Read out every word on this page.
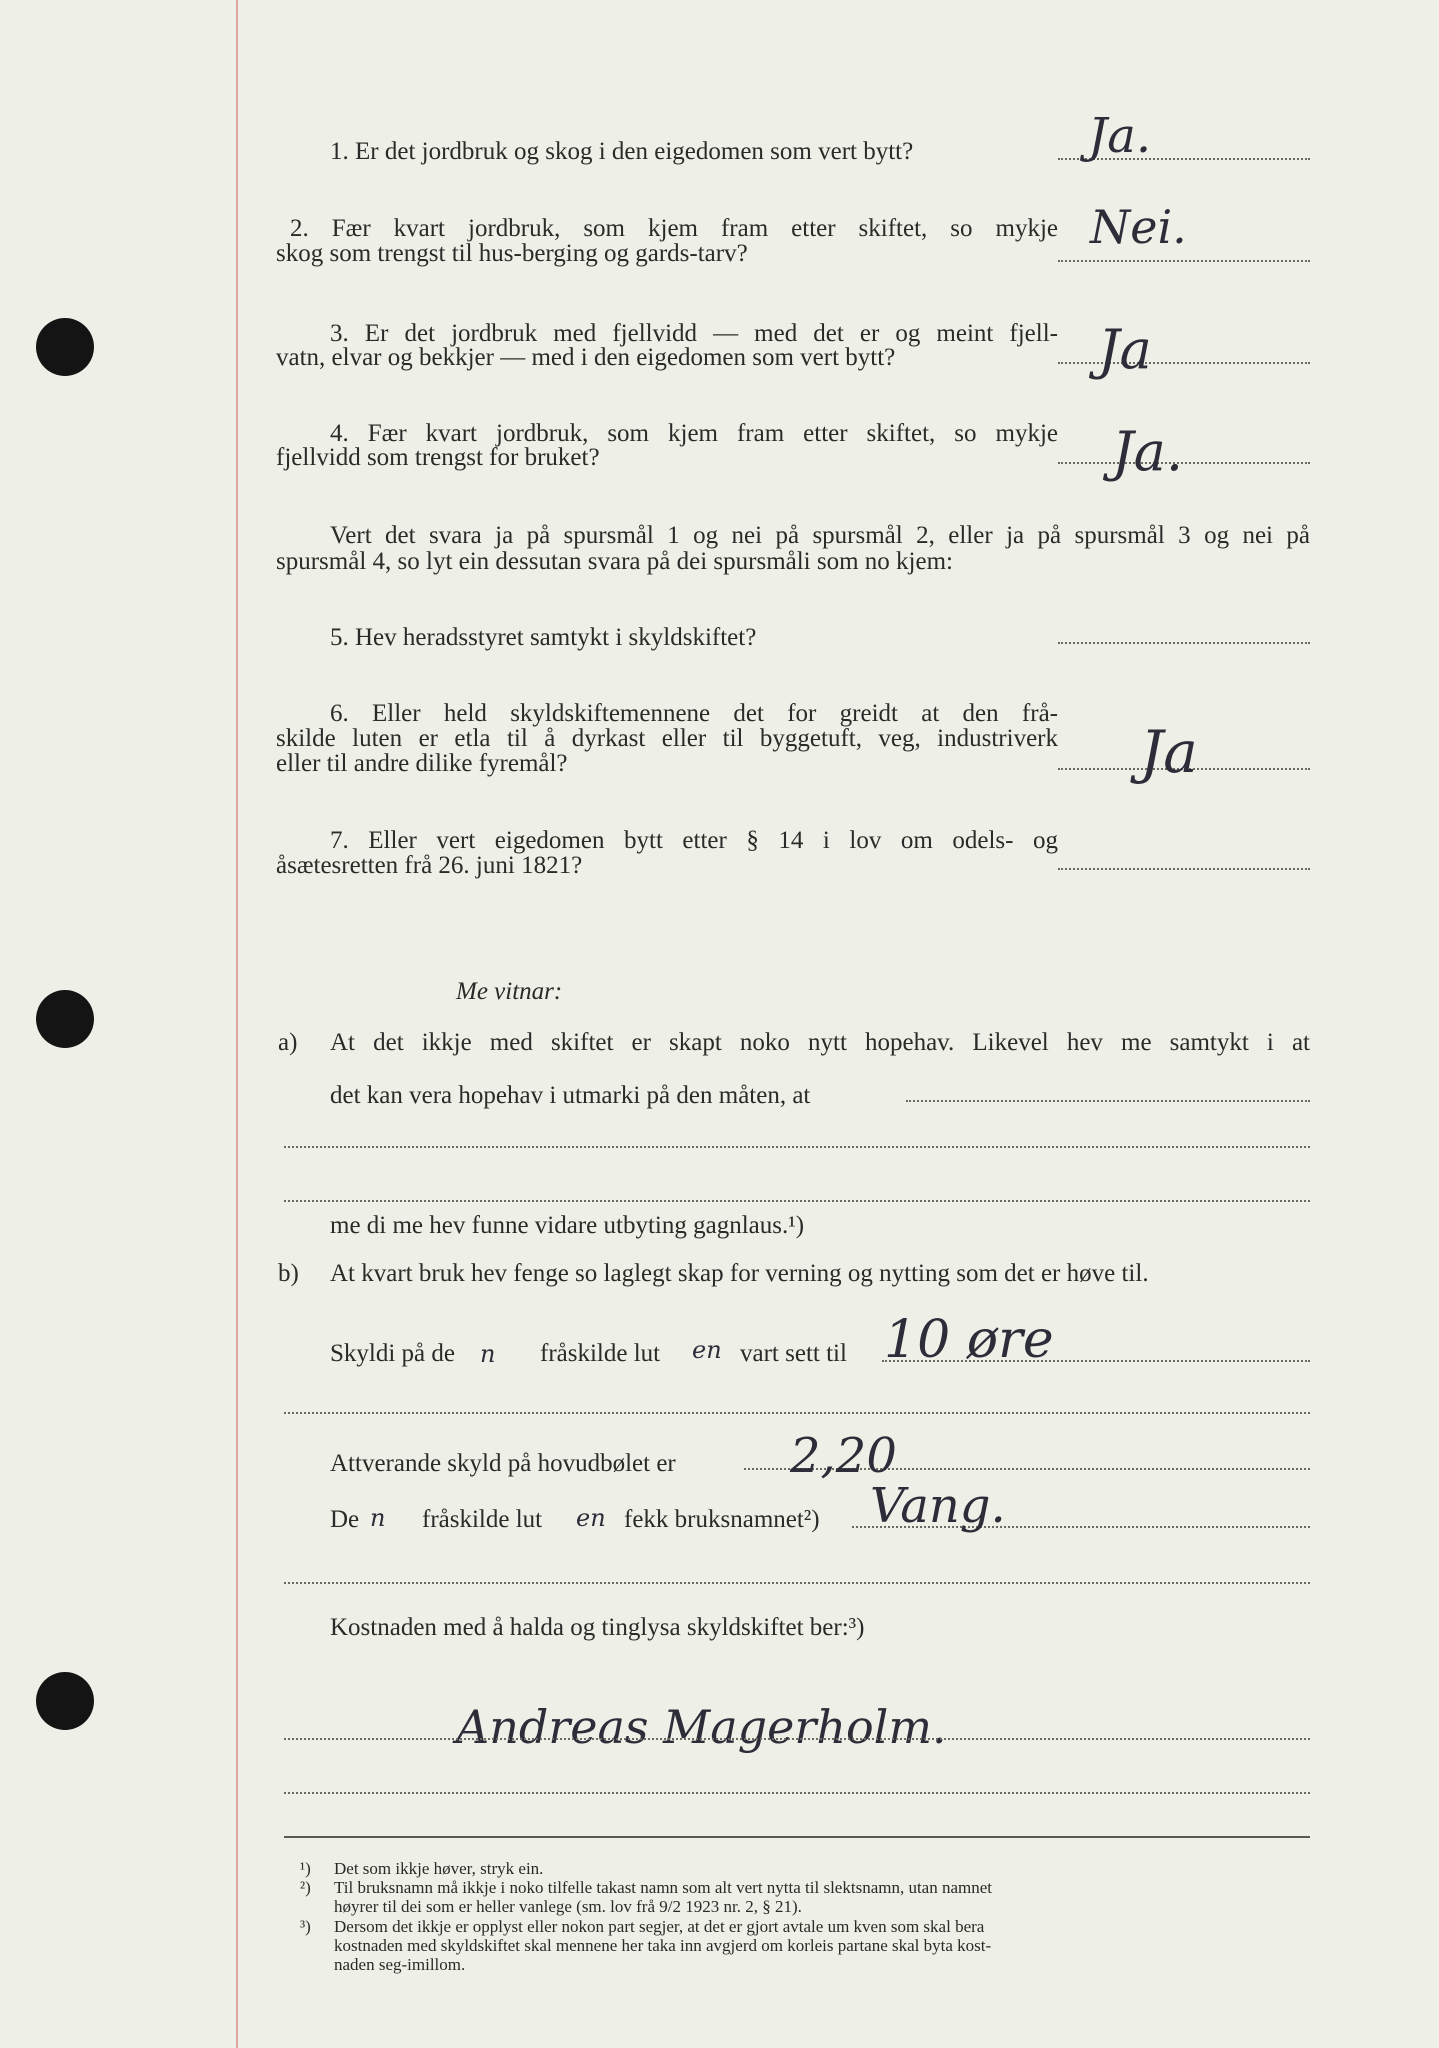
1. Er det jordbruk og skog i den eigedomen som vert bytt?	Ja.
2. Fær kvart jordbruk, som kjem fram etter skiftet, so mykje
skog som trengst til hus-berging og gards-tarv?	Nei.
3. Er det jordbruk med fjellvidd — med det er og meint fjell-
vatn, elvar og bekkjer — med i den eigedomen som vert bytt?	Ja
4. Fær kvart jordbruk, som kjem fram etter skiftet, so mykje
fjellvidd som trengst for bruket?	Ja.
Vert det svara ja på spursmål 1 og nei på spursmål 2, eller ja på spursmål 3 og nei på
spursmål 4, so lyt ein dessutan svara på dei spursmåli som no kjem:
5. Hev heradsstyret samtykt i skyldskiftet?
6. Eller held skyldskiftemennene det for greidt at den frå-
skilde luten er etla til å dyrkast eller til byggetuft, veg, industriverk
eller til andre dilike fyremål?	Ja
7. Eller vert eigedomen bytt etter § 14 i lov om odels- og
åsætesretten frå 26. juni 1821?
Me vitnar:
a) At det ikkje med skiftet er skapt noko nytt hopehav. Likevel hev me samtykt i at
det kan vera hopehav i utmarki på den måten, at
me di me hev funne vidare utbyting gagnlaus.¹)
b) At kvart bruk hev fenge so laglegt skap for verning og nytting som det er høve til.
Skyldi på de n fråskilde lut en vart sett til 10 øre
Attverande skyld på hovudbølet er 2,20
De n fråskilde lut en fekk bruksnamnet²) Vang.
Kostnaden med å halda og tinglysa skyldskiftet ber:³)
Andreas Magerholm.
¹) Det som ikkje høver, stryk ein.
²) Til bruksnamn må ikkje i noko tilfelle takast namn som alt vert nytta til slektsnamn, utan namnet
høyrer til dei som er heller vanlege (sm. lov frå 9/2 1923 nr. 2, § 21).
³) Dersom det ikkje er opplyst eller nokon part segjer, at det er gjort avtale um kven som skal bera
kostnaden med skyldskiftet skal mennene her taka inn avgjerd om korleis partane skal byta kost-
naden seg-imillom.
